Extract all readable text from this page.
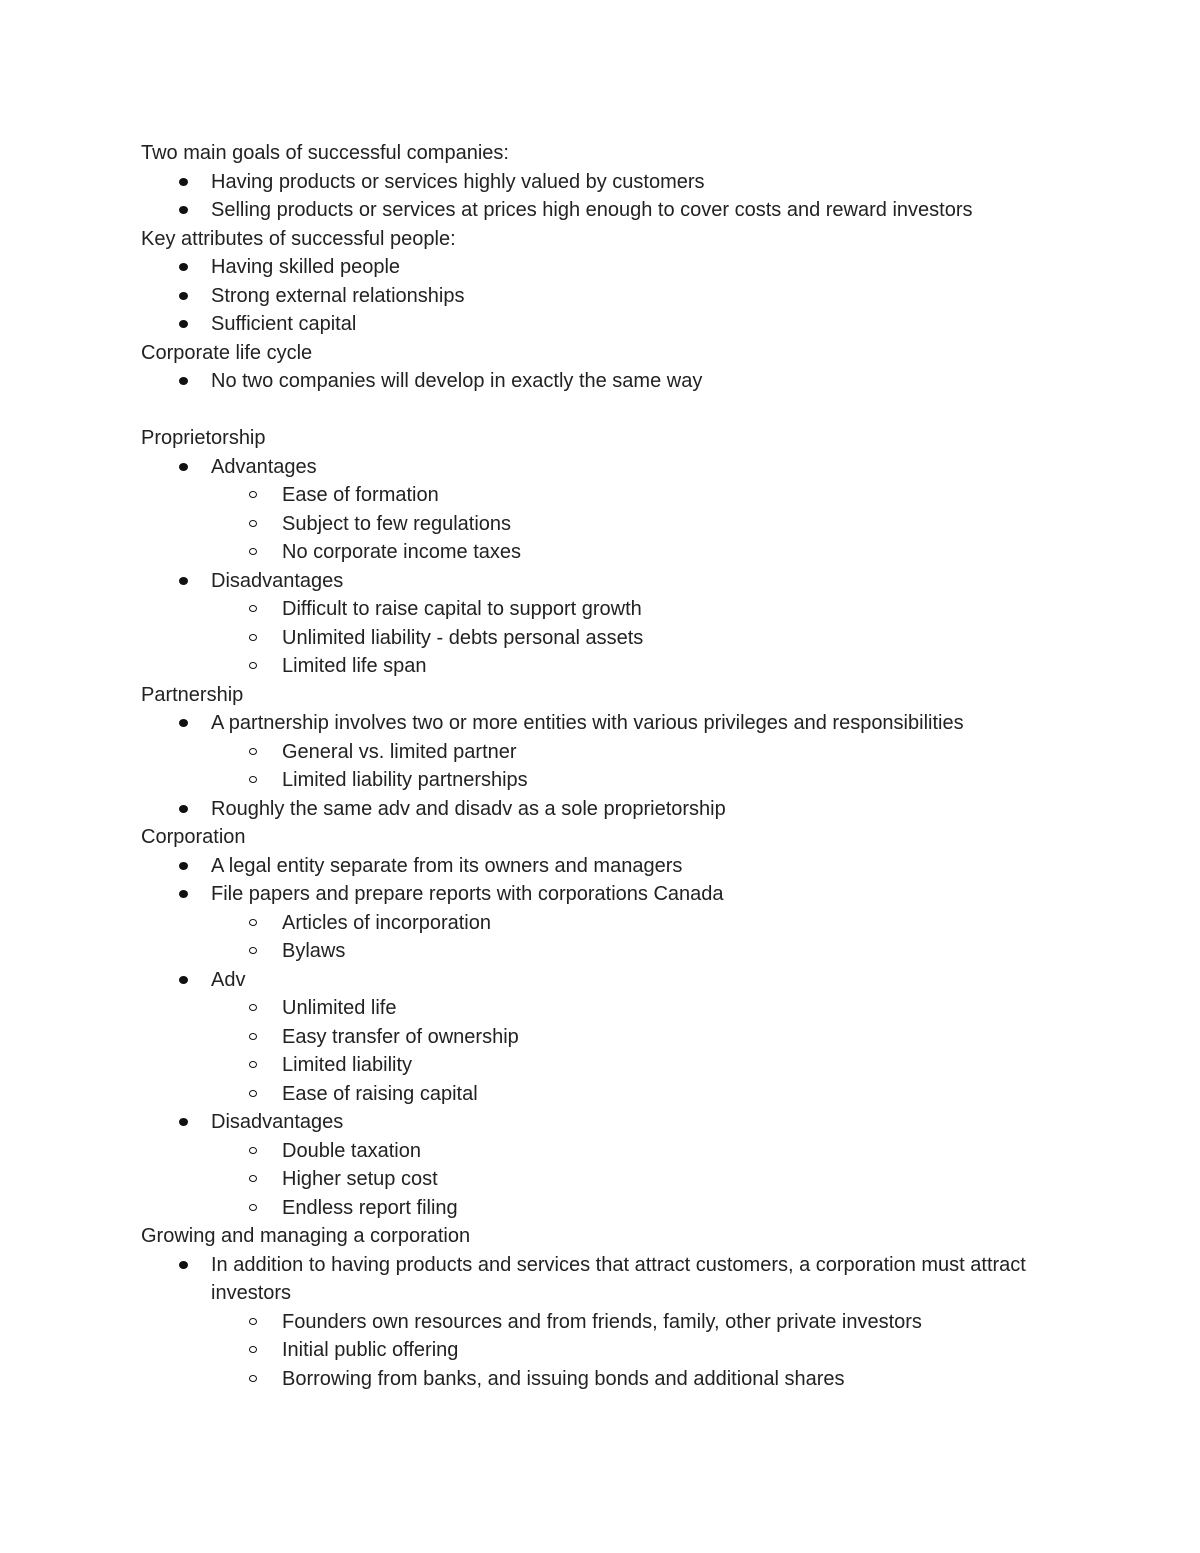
Two main goals of successful companies:
Having products or services highly valued by customers
Selling products or services at prices high enough to cover costs and reward investors
Key attributes of successful people:
Having skilled people
Strong external relationships
Sufficient capital
Corporate life cycle
No two companies will develop in exactly the same way
Proprietorship
Advantages
Ease of formation
Subject to few regulations
No corporate income taxes
Disadvantages
Difficult to raise capital to support growth
Unlimited liability - debts personal assets
Limited life span
Partnership
A partnership involves two or more entities with various privileges and responsibilities
General vs. limited partner
Limited liability partnerships
Roughly the same adv and disadv as a sole proprietorship
Corporation
A legal entity separate from its owners and managers
File papers and prepare reports with corporations Canada
Articles of incorporation
Bylaws
Adv
Unlimited life
Easy transfer of ownership
Limited liability
Ease of raising capital
Disadvantages
Double taxation
Higher setup cost
Endless report filing
Growing and managing a corporation
In addition to having products and services that attract customers, a corporation must attract investors
Founders own resources and from friends, family, other private investors
Initial public offering
Borrowing from banks, and issuing bonds and additional shares
